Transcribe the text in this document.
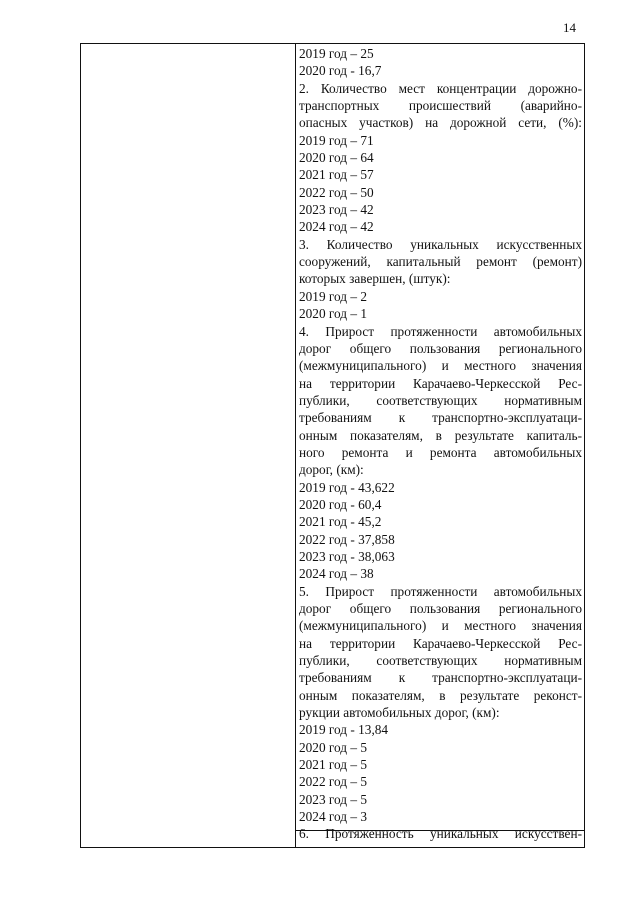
14
2019 год – 25
2020 год - 16,7
2. Количество мест концентрации дорожно-
транспортных происшествий (аварийно-
опасных участков) на дорожной сети, (%):
2019 год – 71
2020 год – 64
2021 год – 57
2022 год – 50
2023 год – 42
2024 год – 42
3. Количество уникальных искусственных
сооружений, капитальный ремонт (ремонт)
которых завершен, (штук):
2019 год – 2
2020 год – 1
4. Прирост протяженности автомобильных
дорог общего пользования регионального
(межмуниципального) и местного значения
на территории Карачаево-Черкесской Рес-
публики, соответствующих нормативным
требованиям к транспортно-эксплуатаци-
онным показателям, в результате капиталь-
ного ремонта и ремонта автомобильных
дорог, (км):
2019 год - 43,622
2020 год - 60,4
2021 год - 45,2
2022 год - 37,858
2023 год - 38,063
2024 год – 38
5. Прирост протяженности автомобильных
дорог общего пользования регионального
(межмуниципального) и местного значения
на территории Карачаево-Черкесской Рес-
публики, соответствующих нормативным
требованиям к транспортно-эксплуатаци-
онным показателям, в результате реконст-
рукции автомобильных дорог, (км):
2019 год - 13,84
2020 год – 5
2021 год – 5
2022 год – 5
2023 год – 5
2024 год – 3
6. Протяженность уникальных искусствен-
